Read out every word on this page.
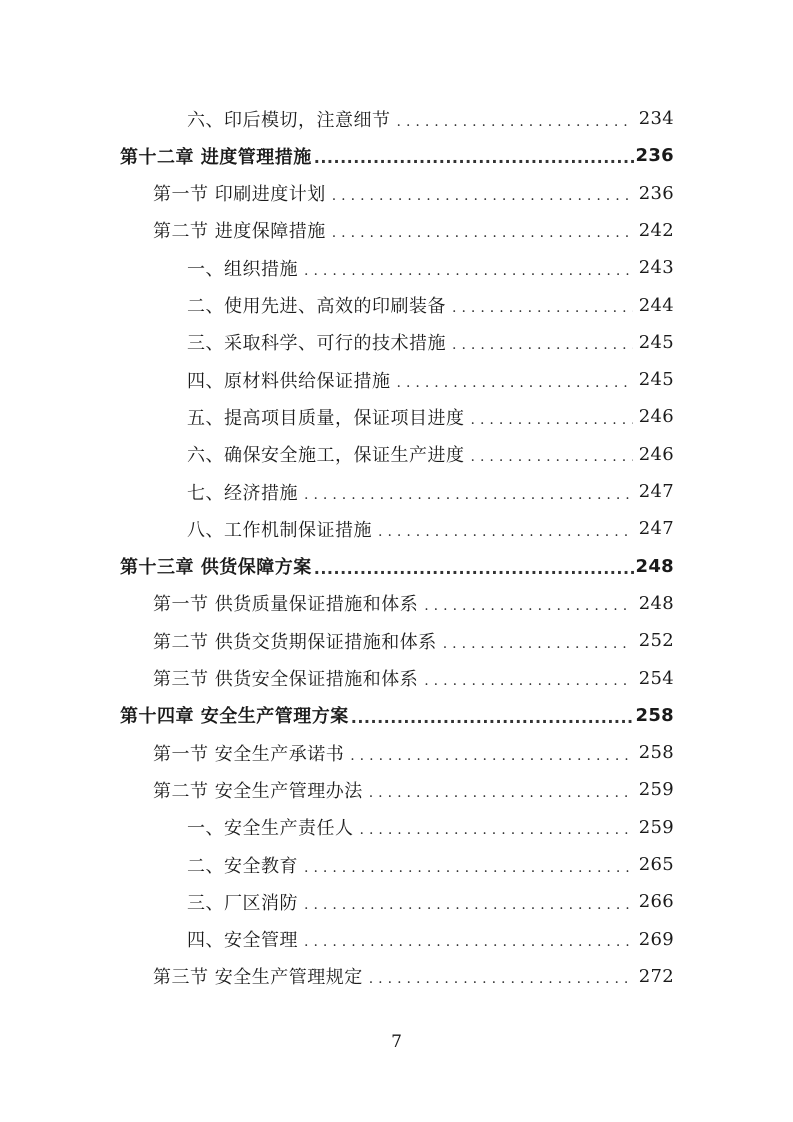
六、印后模切，注意细节 .....	234
第十二章 进度管理措施 .....	236
第一节 印刷进度计划 .....	236
第二节 进度保障措施 .....	242
一、组织措施 .....	243
二、使用先进、高效的印刷装备 .....	244
三、采取科学、可行的技术措施 .....	245
四、原材料供给保证措施 .....	245
五、提高项目质量，保证项目进度 .....	246
六、确保安全施工，保证生产进度 .....	246
七、经济措施 .....	247
八、工作机制保证措施 .....	247
第十三章 供货保障方案 .....	248
第一节 供货质量保证措施和体系 .....	248
第二节 供货交货期保证措施和体系 .....	252
第三节 供货安全保证措施和体系 .....	254
第十四章 安全生产管理方案 .....	258
第一节 安全生产承诺书 .....	258
第二节 安全生产管理办法 .....	259
一、安全生产责任人 .....	259
二、安全教育 .....	265
三、厂区消防 .....	266
四、安全管理 .....	269
第三节 安全生产管理规定 .....	272
7
